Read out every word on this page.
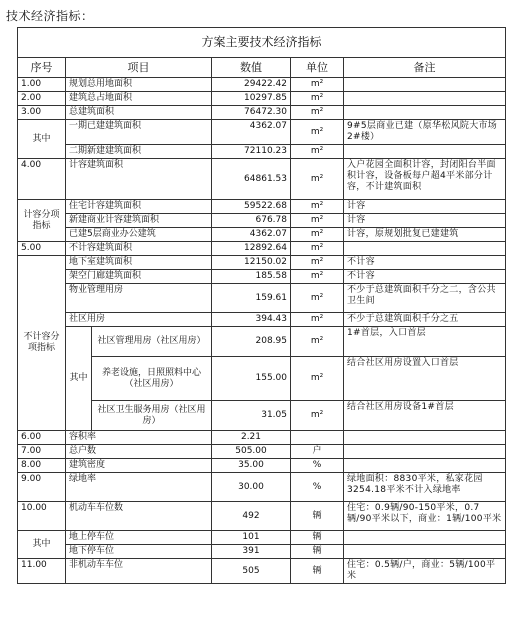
技术经济指标：
方案主要技术经济指标					
序号	项目		数值	单位	备注
1.00	规划总用地面积		29422.42	m²	
2.00	建筑总占地面积		10297.85	m²	
3.00	总建筑面积		76472.30	m²	
其中	一期已建建筑面积		4362.07	m²	9#5层商业已建（原华松风院大市场2#楼）
	二期新建建筑面积		72110.23	m²	
4.00	计容建筑面积		64861.53	m²	入户花园全面积计容，封闭阳台半面积计容，设备板每户超4平米部分计容，不计建筑面积
计容分项指标	住宅计容建筑面积		59522.68	m²	计容
	新建商业计容建筑面积		676.78	m²	计容
	已建5层商业办公建筑		4362.07	m²	计容，原规划批复已建建筑
5.00	不计容建筑面积		12892.64	m²	
不计容分项指标	地下室建筑面积		12150.02	m²	不计容
	架空门廊建筑面积		185.58	m²	不计容
	物业管理用房		159.61	m²	不少于总建筑面积千分之二，含公共卫生间
	社区用房		394.43	m²	不少于总建筑面积千分之五
	其中	社区管理用房（社区用房）	208.95	m²	1#首层，入口首层
		养老设施，日照照料中心（社区用房）	155.00	m²	结合社区用房设置入口首层
		社区卫生服务用房（社区用房）	31.05	m²	结合社区用房设备1#首层
6.00	容积率		2.21		
7.00	总户数		505.00	户	
8.00	建筑密度		35.00	%	
9.00	绿地率		30.00	%	绿地面积：8830平米，私家花园3254.18平米不计入绿地率
10.00	机动车车位数		492	辆	住宅：0.9辆/90-150平米，0.7辆/90平米以下，商业：1辆/100平米
其中	地上停车位		101	辆	
	地下停车位		391	辆	
11.00	非机动车车位		505	辆	住宅：0.5辆/户，商业：5辆/100平米
